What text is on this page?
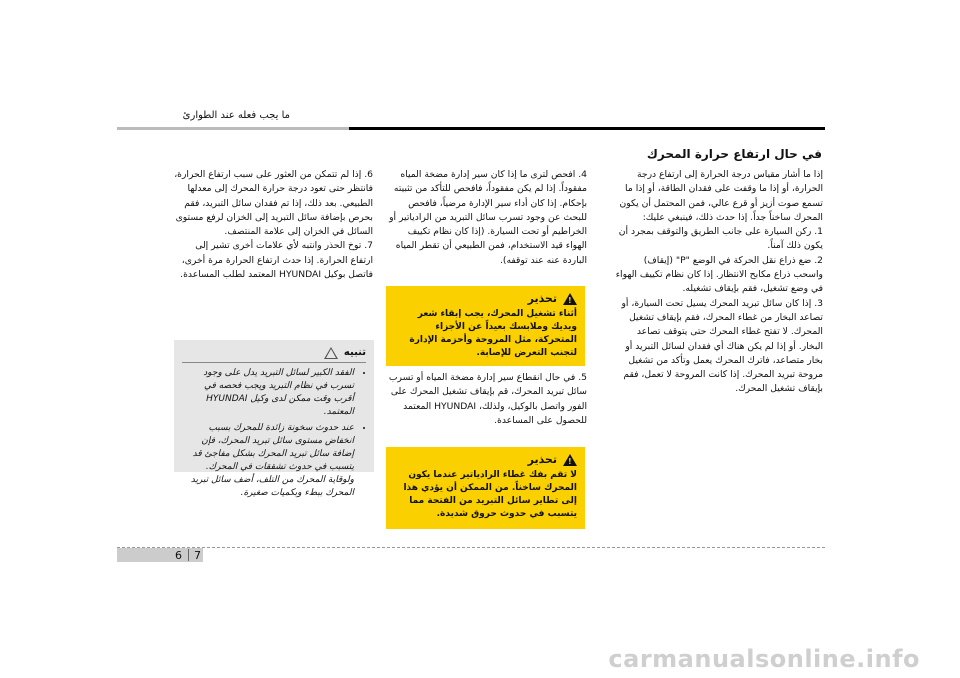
ما يجب فعله عند الطوارئ
في حال ارتفاع حرارة المحرك

إذا ما أشار مقياس درجة الحرارة إلى ارتفاع درجة الحرارة، أو إذا ما وقفت على فقدان الطاقة، أو إذا ما تسمع صوت أزيز أو قرع عالي، فمن المحتمل أن يكون المحرك ساخناً جداً. إذا حدث ذلك، فينبغي عليك:

1. ركن السيارة على جانب الطريق والتوقف بمجرد أن يكون ذلك آمناً.

2. ضع ذراع نقل الحركة في الوضع "P" (إيقاف) واسحب ذراع مكابح الانتظار. إذا كان نظام تكييف الهواء في وضع تشغيل، فقم بإيقاف تشغيله.

3. إذا كان سائل تبريد المحرك يسيل تحت السيارة، أو تصاعد البخار من غطاء المحرك، فقم بإيقاف تشغيل المحرك. لا تفتح غطاء المحرك حتى يتوقف تصاعد البخار. أو إذا لم يكن هناك أي فقدان لسائل التبريد أو بخار متصاعد، فاترك المحرك يعمل وتأكد من تشغيل مروحة تبريد المحرك. إذا كانت المروحة لا تعمل، فقم بإيقاف تشغيل المحرك.

4. افحص لترى ما إذا كان سير إدارة مضخة المياه مفقوداً. إذا لم يكن مفقوداً، فافحص للتأكد من تثبيته بإحكام. إذا كان أداء سير الإدارة مرضياً، فافحص للبحث عن وجود تسرب سائل التبريد من الرادياتير أو الخراطيم أو تحت السيارة. (إذا كان نظام تكييف الهواء قيد الاستخدام، فمن الطبيعي أن تقطر المياه الباردة عنه عند توقفه).

!
تحذير
أثناء تشغيل المحرك، يجب إبقاء شعر ويديك وملابسك بعيداً عن الأجزاء المتحركة، مثل المروحة وأحزمة الإدارة لتجنب التعرض للإصابة.

5. في حال انقطاع سير إدارة مضخة المياه أو تسرب سائل تبريد المحرك، قم بإيقاف تشغيل المحرك على الفور واتصل بالوكيل، ولذلك، HYUNDAI المعتمد للحصول على المساعدة.

!
تحذير
لا تقم بفك غطاء الرادياتير عندما يكون المحرك ساخناً. من الممكن أن يؤدي هذا إلى تطاير سائل التبريد من الفتحة مما يتسبب في حدوث حروق شديدة.

6. إذا لم تتمكن من العثور على سبب ارتفاع الحرارة، فانتظر حتى تعود درجة حرارة المحرك إلى معدلها الطبيعي. بعد ذلك، إذا تم فقدان سائل التبريد، فقم بحرص بإضافة سائل التبريد إلى الخزان لرفع مستوى السائل في الخزان إلى علامة المنتصف.

7. توخ الحذر وانتبه لأي علامات أخرى تشير إلى ارتفاع الحرارة. إذا حدث ارتفاع الحرارة مرة أخرى، فاتصل بوكيل HYUNDAI المعتمد لطلب المساعدة.

تنبيه
• الفقد الكبير لسائل التبريد يدل على وجود تسرب في نظام التبريد ويجب فحصه في أقرب وقت ممكن لدى وكيل HYUNDAI المعتمد.
• عند حدوث سخونة زائدة للمحرك بسبب انخفاض مستوى سائل تبريد المحرك، فإن إضافة سائل تبريد المحرك بشكل مفاجئ قد يتسبب في حدوث تشققات في المحرك. ولوقاية المحرك من التلف، أضف سائل تبريد المحرك ببطء وبكميات صغيرة.
6 7
carmanualsonline.info
